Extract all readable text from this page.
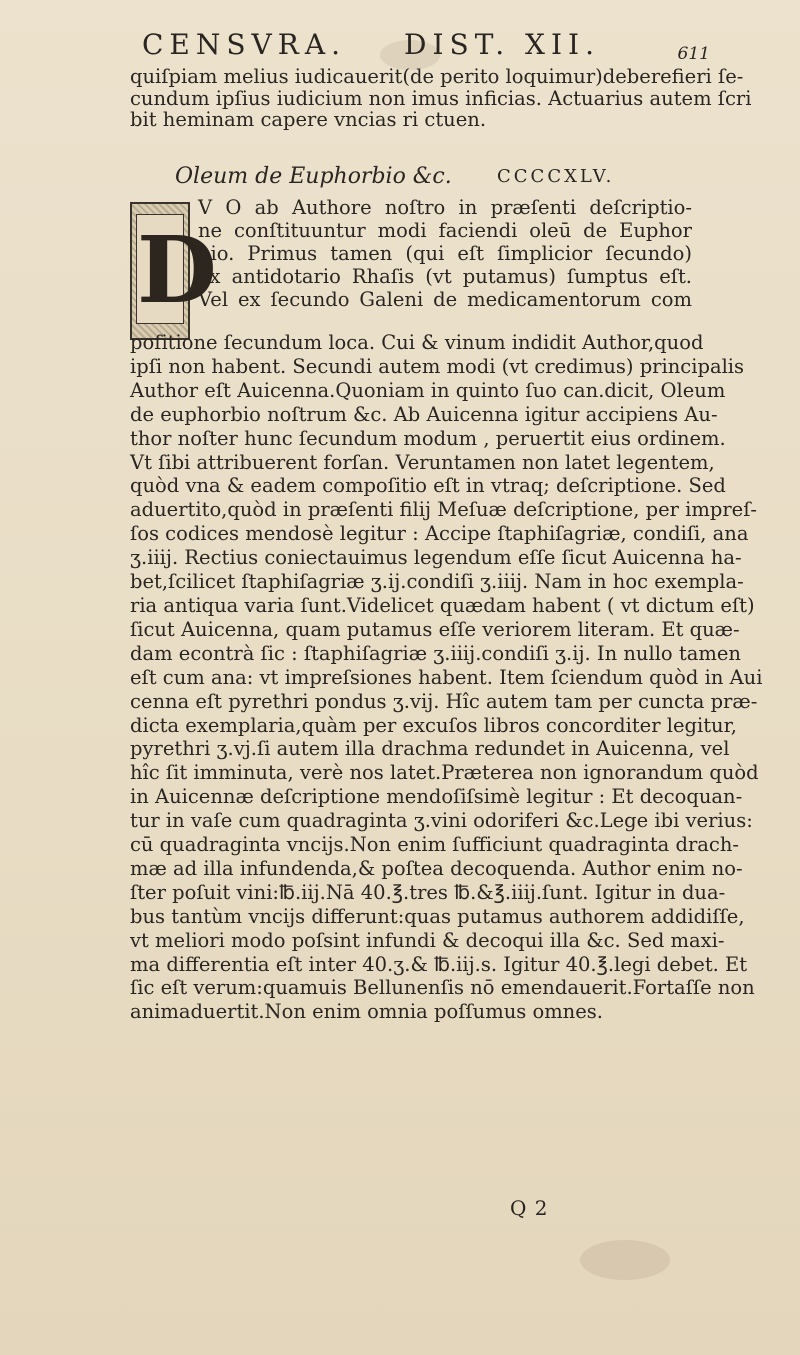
CENSVRA. DIST. XII.	611
quiſpiam melius iudicauerit(de perito loquimur)deberefieri ſe-
cundum ipſius iudicium non imus inficias. Actuarius autem ſcri
bit heminam capere vncias ri ctuen.
Oleum de Euphorbio &c.	CCCCXLV.
D
V O ab Authore noſtro in præſenti deſcriptio-
ne conſtituuntur modi faciendi oleū de Euphor
bio. Primus tamen (qui eſt ſimplicior ſecundo)
ex antidotario Rhaſis (vt putamus) ſumptus eſt.
Vel ex ſecundo Galeni de medicamentorum com
poſitione ſecundum loca. Cui & vinum indidit Author,quod
ipſi non habent. Secundi autem modi (vt credimus) principalis
Author eſt Auicenna.Quoniam in quinto ſuo can.dicit, Oleum
de euphorbio noſtrum &c. Ab Auicenna igitur accipiens Au-
thor noſter hunc ſecundum modum , peruertit eius ordinem.
Vt ſibi attribuerent forſan. Veruntamen non latet legentem,
quòd vna & eadem compoſitio eſt in vtraq; deſcriptione. Sed
aduertito,quòd in præſenti filij Meſuæ deſcriptione, per impreſ-
ſos codices mendosè legitur : Accipe ſtaphiſagriæ, condiſi, ana
ʒ.iiij. Rectius coniectauimus legendum eſſe ſicut Auicenna ha-
bet,ſcilicet ſtaphiſagriæ ʒ.ij.condiſi ʒ.iiij. Nam in hoc exempla-
ria antiqua varia ſunt.Videlicet quædam habent ( vt dictum eſt)
ſicut Auicenna, quam putamus eſſe veriorem literam. Et quæ-
dam econtrà ſic : ſtaphiſagriæ ʒ.iiij.condiſi ʒ.ij. In nullo tamen
eſt cum ana: vt impreſsiones habent. Item ſciendum quòd in Aui
cenna eſt pyrethri pondus ʒ.vij. Hîc autem tam per cuncta præ-
dicta exemplaria,quàm per excuſos libros concorditer legitur,
pyrethri ʒ.vj.ſi autem illa drachma redundet in Auicenna, vel
hîc ſit imminuta, verè nos latet.Præterea non ignorandum quòd
in Auicennæ deſcriptione mendoſiſsimè legitur : Et decoquan-
tur in vaſe cum quadraginta ʒ.vini odoriferi &c.Lege ibi verius:
cū quadraginta vncijs.Non enim ſufficiunt quadraginta drach-
mæ ad illa infundenda,& poſtea decoquenda. Author enim no-
ſter poſuit vini:℔.iij.Nā 40.℥.tres ℔.&℥.iiij.ſunt. Igitur in dua-
bus tantùm vncijs differunt:quas putamus authorem addidiſſe,
vt meliori modo poſsint infundi & decoqui illa &c. Sed maxi-
ma differentia eſt inter 40.ʒ.& ℔.iij.s. Igitur 40.℥.legi debet. Et
ſic eſt verum:quamuis Bellunenſis nō emendauerit.Fortaſſe non
animaduertit.Non enim omnia poſſumus omnes.
Q 2
